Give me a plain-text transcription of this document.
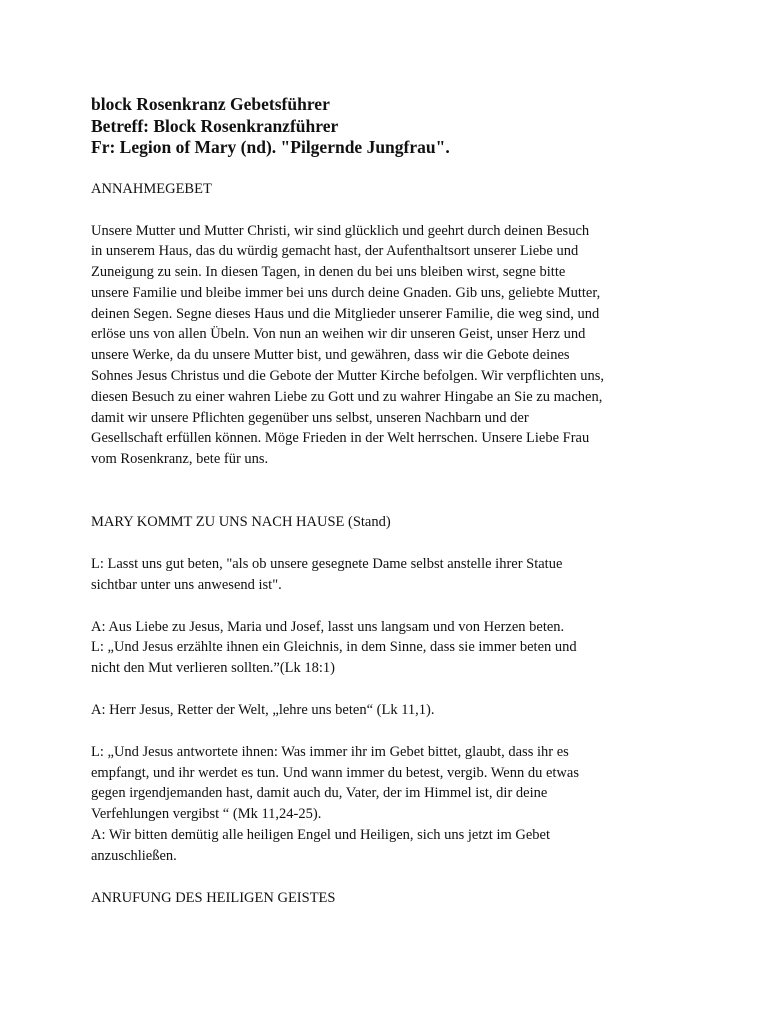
block Rosenkranz Gebetsführer
Betreff: Block Rosenkranzführer
Fr: Legion of Mary (nd). "Pilgernde Jungfrau".
ANNAHMEGEBET
Unsere Mutter und Mutter Christi, wir sind glücklich und geehrt durch deinen Besuch
in unserem Haus, das du würdig gemacht hast, der Aufenthaltsort unserer Liebe und
Zuneigung zu sein. In diesen Tagen, in denen du bei uns bleiben wirst, segne bitte
unsere Familie und bleibe immer bei uns durch deine Gnaden. Gib uns, geliebte Mutter,
deinen Segen. Segne dieses Haus und die Mitglieder unserer Familie, die weg sind, und
erlöse uns von allen Übeln. Von nun an weihen wir dir unseren Geist, unser Herz und
unsere Werke, da du unsere Mutter bist, und gewähren, dass wir die Gebote deines
Sohnes Jesus Christus und die Gebote der Mutter Kirche befolgen. Wir verpflichten uns,
diesen Besuch zu einer wahren Liebe zu Gott und zu wahrer Hingabe an Sie zu machen,
damit wir unsere Pflichten gegenüber uns selbst, unseren Nachbarn und der
Gesellschaft erfüllen können. Möge Frieden in der Welt herrschen. Unsere Liebe Frau
vom Rosenkranz, bete für uns.
MARY KOMMT ZU UNS NACH HAUSE (Stand)
L: Lasst uns gut beten, "als ob unsere gesegnete Dame selbst anstelle ihrer Statue
sichtbar unter uns anwesend ist".
A: Aus Liebe zu Jesus, Maria und Josef, lasst uns langsam und von Herzen beten.
L: „Und Jesus erzählte ihnen ein Gleichnis, in dem Sinne, dass sie immer beten und
nicht den Mut verlieren sollten.”(Lk 18:1)
A: Herr Jesus, Retter der Welt, „lehre uns beten“ (Lk 11,1).
L: „Und Jesus antwortete ihnen: Was immer ihr im Gebet bittet, glaubt, dass ihr es
empfangt, und ihr werdet es tun. Und wann immer du betest, vergib. Wenn du etwas
gegen irgendjemanden hast, damit auch du, Vater, der im Himmel ist, dir deine
Verfehlungen vergibst “ (Mk 11,24-25).
A: Wir bitten demütig alle heiligen Engel und Heiligen, sich uns jetzt im Gebet
anzuschließen.
ANRUFUNG DES HEILIGEN GEISTES
